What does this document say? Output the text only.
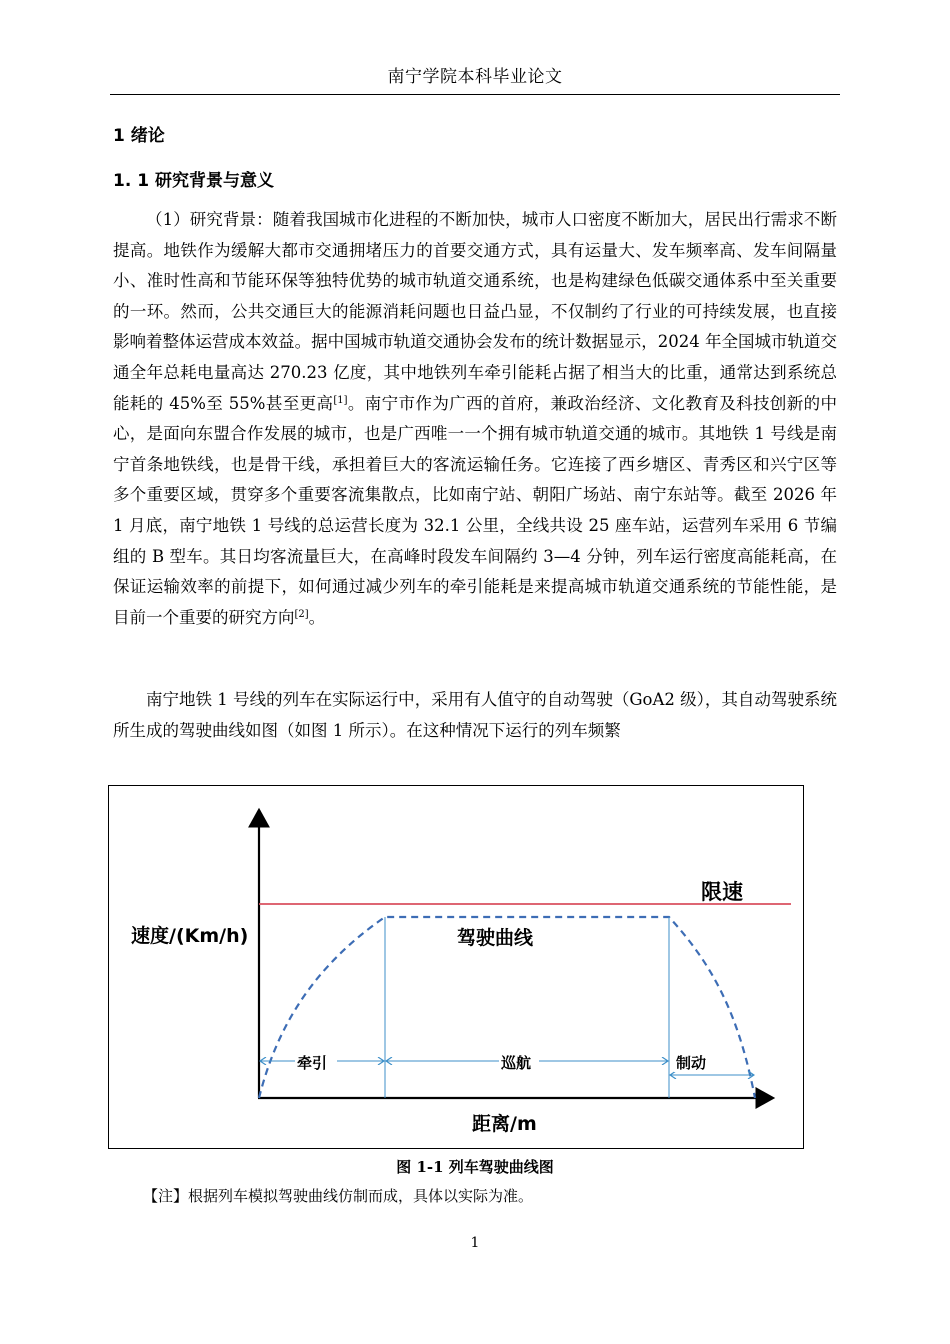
南宁学院本科毕业论文
1 绪论
1. 1 研究背景与意义

（1）研究背景：随着我国城市化进程的不断加快，城市人口密度不断加大，居民出行需求不断提高。地铁作为缓解大都市交通拥堵压力的首要交通方式，具有运量大、发车频率高、发车间隔量小、准时性高和节能环保等独特优势的城市轨道交通系统，也是构建绿色低碳交通体系中至关重要的一环。然而，公共交通巨大的能源消耗问题也日益凸显，不仅制约了行业的可持续发展，也直接影响着整体运营成本效益。据中国城市轨道交通协会发布的统计数据显示，2024 年全国城市轨道交通全年总耗电量高达 270.23 亿度，其中地铁列车牵引能耗占据了相当大的比重，通常达到系统总能耗的 45%至 55%甚至更高[1]。南宁市作为广西的首府，兼政治经济、文化教育及科技创新的中心，是面向东盟合作发展的城市，也是广西唯一一个拥有城市轨道交通的城市。其地铁 1 号线是南宁首条地铁线，也是骨干线，承担着巨大的客流运输任务。它连接了西乡塘区、青秀区和兴宁区等多个重要区域，贯穿多个重要客流集散点，比如南宁站、朝阳广场站、南宁东站等。截至 2026 年 1 月底，南宁地铁 1 号线的总运营长度为 32.1 公里，全线共设 25 座车站，运营列车采用 6 节编组的 B 型车。其日均客流量巨大，在高峰时段发车间隔约 3—4 分钟，列车运行密度高能耗高，在保证运输效率的前提下，如何通过减少列车的牵引能耗是来提高城市轨道交通系统的节能性能，是目前一个重要的研究方向[2]。

南宁地铁 1 号线的列车在实际运行中，采用有人值守的自动驾驶（GoA2 级），其自动驾驶系统所生成的驾驶曲线如图（如图 1 所示）。在这种情况下运行的列车频繁

限速
驾驶曲线
速度/(Km/h)
距离/m
牵引	巡航	制动
图 1-1 列车驾驶曲线图
【注】根据列车模拟驾驶曲线仿制而成，具体以实际为准。
1
